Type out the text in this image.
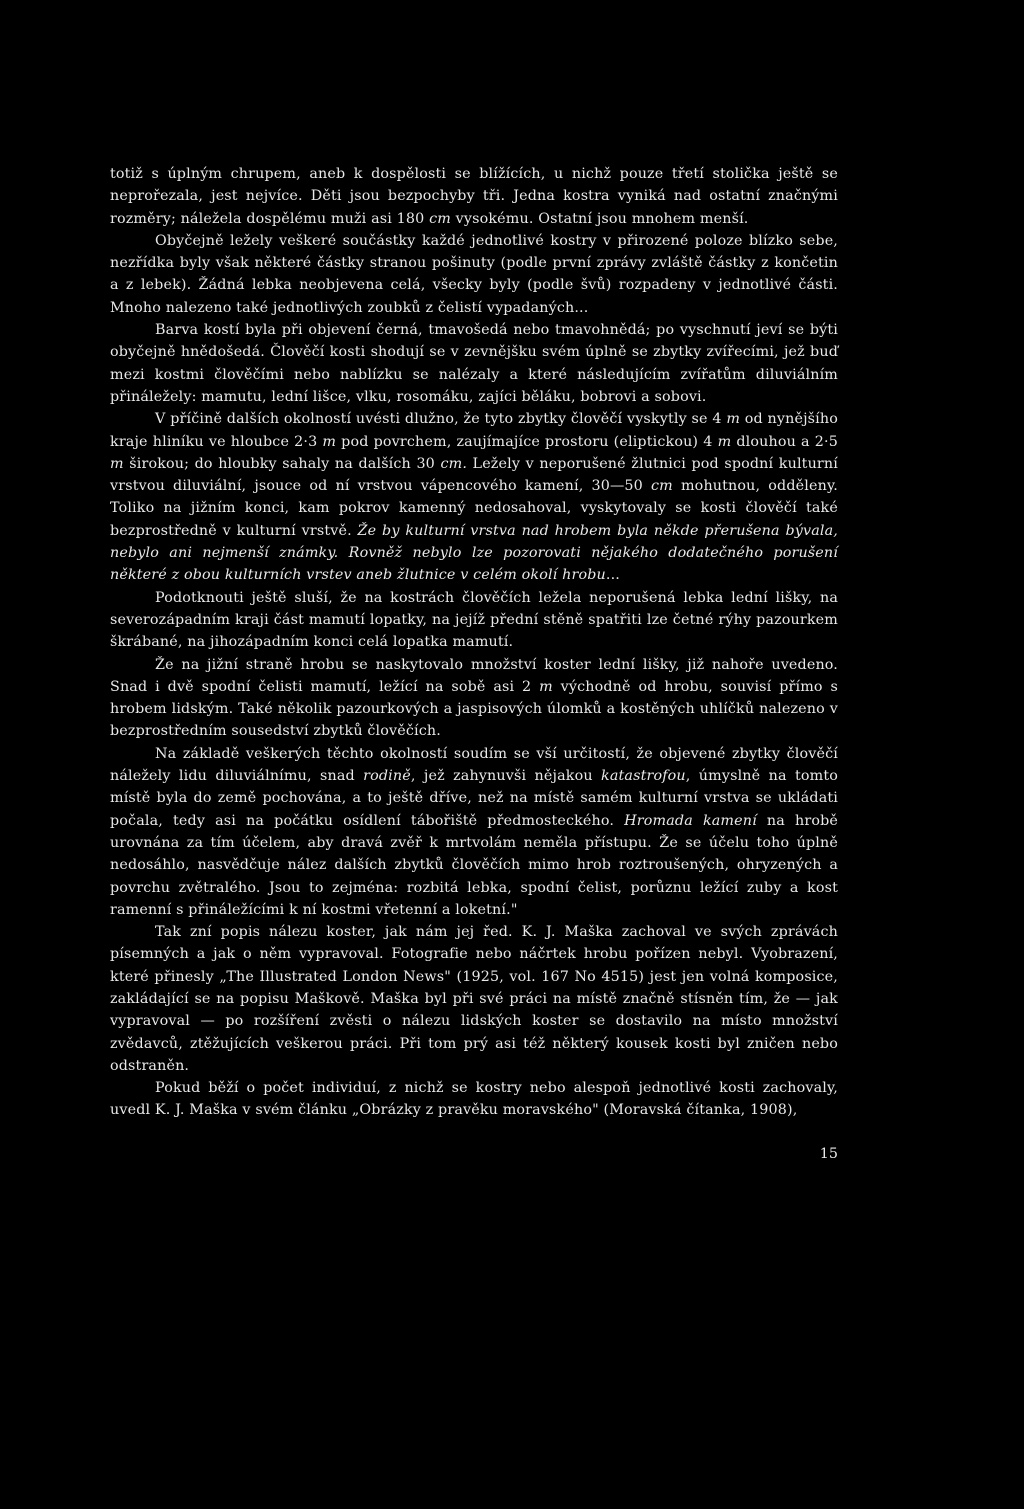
totiž s úplným chrupem, aneb k dospělosti se blížících, u nichž pouze třetí stolička ještě se neprořezala, jest nejvíce. Děti jsou bezpochyby tři. Jedna kostra vyniká nad ostatní značnými rozměry; náležela dospělému muži asi 180 cm vysokému. Ostatní jsou mnohem menší.

Obyčejně ležely veškeré součástky každé jednotlivé kostry v přirozené poloze blízko sebe, nezřídka byly však některé částky stranou pošinuty (podle první zprávy zvláště částky z končetin a z lebek). Žádná lebka neobjevena celá, všecky byly (podle švů) rozpadeny v jednotlivé části. Mnoho nalezeno také jednotlivých zoubků z čelistí vypadaných...

Barva kostí byla při objevení černá, tmavošedá nebo tmavohnědá; po vyschnutí jeví se býti obyčejně hnědošedá. Člověčí kosti shodují se v zevnějšku svém úplně se zbytky zvířecími, jež buď mezi kostmi člověčími nebo nablízku se nalézaly a které následujícím zvířatům diluviálním přináležely: mamutu, lední lišce, vlku, rosomáku, zajíci běláku, bobrovi a sobovi.

V příčině dalších okolností uvésti dlužno, že tyto zbytky člověčí vyskytly se 4 m od nynějšího kraje hliníku ve hloubce 2·3 m pod povrchem, zaujímajíce prostoru (eliptickou) 4 m dlouhou a 2·5 m širokou; do hloubky sahaly na dalších 30 cm. Ležely v neporušené žlutnici pod spodní kulturní vrstvou diluviální, jsouce od ní vrstvou vápencového kamení, 30—50 cm mohutnou, odděleny. Toliko na jižním konci, kam pokrov kamenný nedosahoval, vyskytovaly se kosti člověčí také bezprostředně v kulturní vrstvě. Že by kulturní vrstva nad hrobem byla někde přerušena bývala, nebylo ani nejmenší známky. Rovněž nebylo lze pozorovati nějakého dodatečného porušení některé z obou kulturních vrstev aneb žlutnice v celém okolí hrobu...

Podotknouti ještě sluší, že na kostrách člověčích ležela neporušená lebka lední lišky, na severozápadním kraji část mamutí lopatky, na jejíž přední stěně spatřiti lze četné rýhy pazourkem škrábané, na jihozápadním konci celá lopatka mamutí.

Že na jižní straně hrobu se naskytovalo množství koster lední lišky, již nahoře uvedeno. Snad i dvě spodní čelisti mamutí, ležící na sobě asi 2 m východně od hrobu, souvisí přímo s hrobem lidským. Také několik pazourkových a jaspisových úlomků a kostěných uhlíčků nalezeno v bezprostředním sousedství zbytků člověčích.

Na základě veškerých těchto okolností soudím se vší určitostí, že objevené zbytky člověčí náležely lidu diluviálnímu, snad rodině, jež zahynuvši nějakou katastrofou, úmyslně na tomto místě byla do země pochována, a to ještě dříve, než na místě samém kulturní vrstva se ukládati počala, tedy asi na počátku osídlení tábořiště předmosteckého. Hromada kamení na hrobě urovnána za tím účelem, aby dravá zvěř k mrtvolám neměla přístupu. Že se účelu toho úplně nedosáhlo, nasvědčuje nález dalších zbytků člověčích mimo hrob roztroušených, ohryzených a povrchu zvětralého. Jsou to zejména: rozbitá lebka, spodní čelist, porůznu ležící zuby a kost ramenní s přináležícími k ní kostmi vřetenní a loketní."

Tak zní popis nálezu koster, jak nám jej řed. K. J. Maška zachoval ve svých zprávách písemných a jak o něm vypravoval. Fotografie nebo náčrtek hrobu pořízen nebyl. Vyobrazení, které přinesly „The Illustrated London News" (1925, vol. 167 No 4515) jest jen volná komposice, zakládající se na popisu Maškově. Maška byl při své práci na místě značně stísněn tím, že — jak vypravoval — po rozšíření zvěsti o nálezu lidských koster se dostavilo na místo množství zvědavců, ztěžujících veškerou práci. Při tom prý asi též některý kousek kosti byl zničen nebo odstraněn.

Pokud běží o počet individuí, z nichž se kostry nebo alespoň jednotlivé kosti zachovaly, uvedl K. J. Maška v svém článku „Obrázky z pravěku moravského" (Moravská čítanka, 1908),

15
